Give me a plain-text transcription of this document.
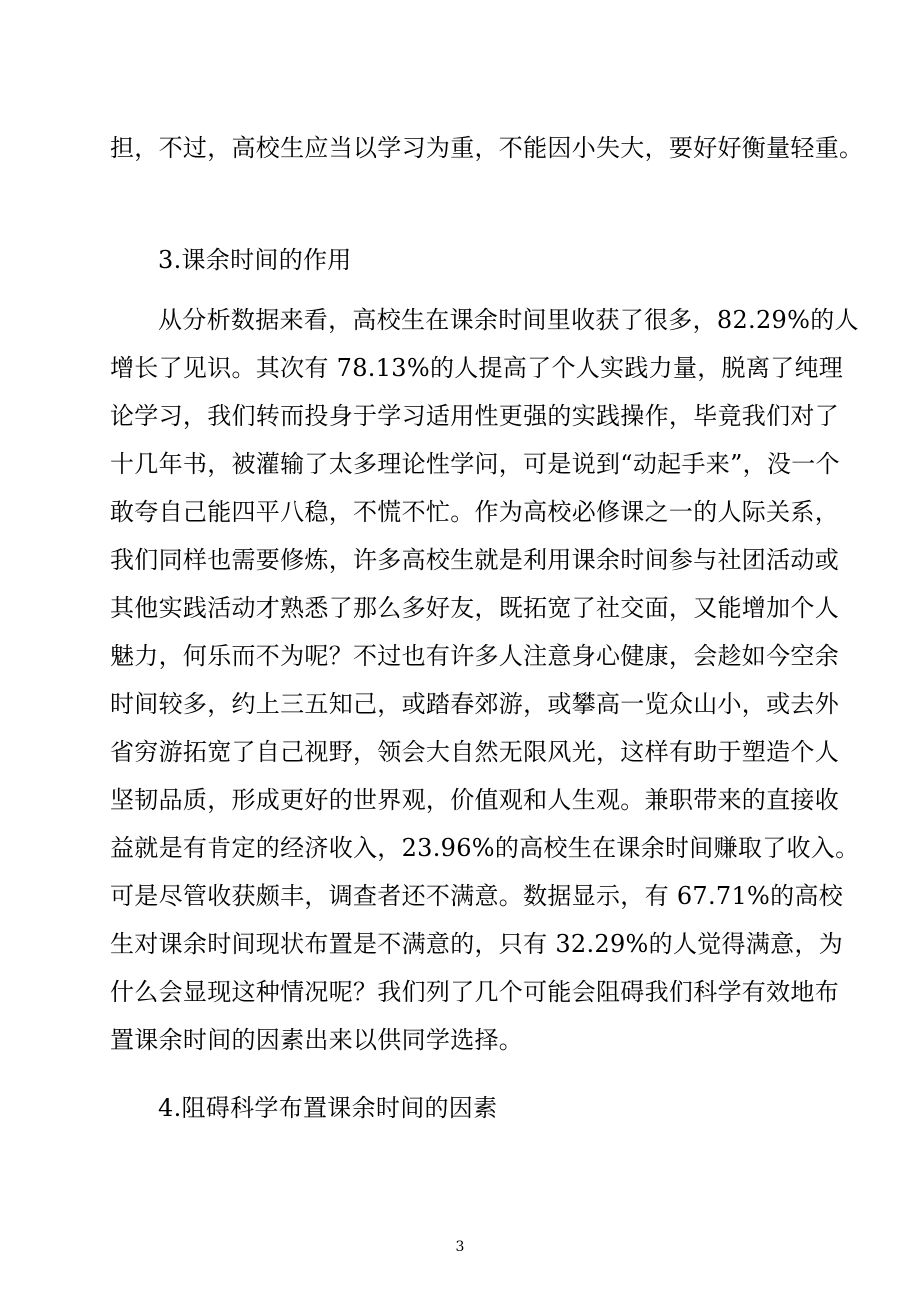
担，不过，高校生应当以学习为重，不能因小失大，要好好衡量轻重。
3.课余时间的作用
从分析数据来看，高校生在课余时间里收获了很多，82.29%的人
增长了见识。其次有 78.13%的人提高了个人实践力量，脱离了纯理
论学习，我们转而投身于学习适用性更强的实践操作，毕竟我们对了
十几年书，被灌输了太多理论性学问，可是说到“动起手来”，没一个
敢夸自己能四平八稳，不慌不忙。作为高校必修课之一的人际关系，
我们同样也需要修炼，许多高校生就是利用课余时间参与社团活动或
其他实践活动才熟悉了那么多好友，既拓宽了社交面，又能增加个人
魅力，何乐而不为呢？不过也有许多人注意身心健康，会趁如今空余
时间较多，约上三五知己，或踏春郊游，或攀高一览众山小，或去外
省穷游拓宽了自己视野，领会大自然无限风光，这样有助于塑造个人
坚韧品质，形成更好的世界观，价值观和人生观。兼职带来的直接收
益就是有肯定的经济收入，23.96%的高校生在课余时间赚取了收入。
可是尽管收获颇丰，调查者还不满意。数据显示，有 67.71%的高校
生对课余时间现状布置是不满意的，只有 32.29%的人觉得满意，为
什么会显现这种情况呢？我们列了几个可能会阻碍我们科学有效地布
置课余时间的因素出来以供同学选择。
4.阻碍科学布置课余时间的因素
3
